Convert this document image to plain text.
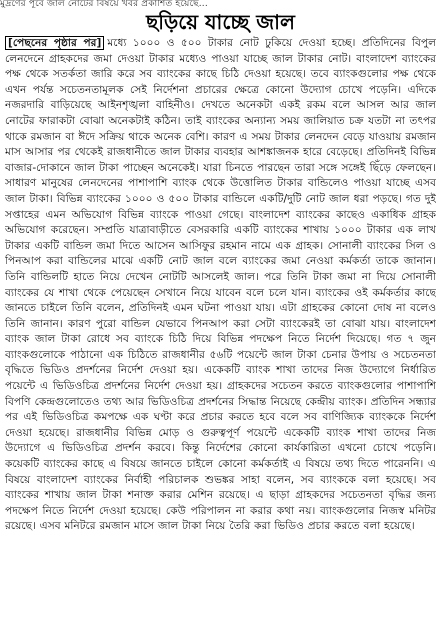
মুদ্রণের পূর্বে জাল নোটের বিষয়ে খবর প্রকাশিত হয়েছে...
ছড়িয়ে যাচ্ছে জাল
[পেছনের পৃষ্ঠার পর] মধ্যে ১০০০ ও ৫০০ টাকার নোট ঢুকিয়ে দেওয়া হচ্ছে। প্রতিদিনের বিপুল লেনদেনে গ্রাহকদের জমা দেওয়া টাকার মধ্যেও পাওয়া যাচ্ছে জাল টাকার নোট। বাংলাদেশ ব্যাংকের পক্ষ থেকে সতর্কতা জারি করে সব ব্যাংকের কাছে চিঠি দেওয়া হয়েছে। তবে ব্যাংকগুলোর পক্ষ থেকে এখন পর্যন্ত সচেতনতামূলক সেই নির্দেশনা প্রচারের ক্ষেত্রে কোনো উদ্যোগ চোখে পড়েনি। এদিকে নজরদারি বাড়িয়েছে আইনশৃঙ্খলা বাহিনীও। দেখতে অনেকটা একই রকম বলে আসল আর জাল নোটের ফারাকটা বোঝা অনেকটাই কঠিন। তাই ব্যাংকের অন্যান্য সময় জালিয়াত চক্র যতটা না তৎপর থাকে রমজান বা ঈদে সক্রিয় থাকে অনেক বেশি। কারণ এ সময় টাকার লেনদেন বেড়ে যাওয়ায় রমজান মাস আসার পর থেকেই রাজধানীতে জাল টাকার ব্যবহার আশঙ্কাজনক হারে বেড়েছে। প্রতিদিনই বিভিন্ন বাজার-দোকানে জাল টাকা পাচ্ছেন অনেকেই। যারা চিনতে পারছেন তারা সঙ্গে সঙ্গেই ছিঁড়ে ফেলছেন। সাধারণ মানুষের লেনদেনের পাশাপাশি ব্যাংক থেকে উত্তোলিত টাকার বান্ডিলেও পাওয়া যাচ্ছে এসব জাল টাকা। বিভিন্ন ব্যাংকের ১০০০ ও ৫০০ টাকার বান্ডিলে একটি/দুটি নোট জাল ধরা পড়ছে। গত দুই সপ্তাহের এমন অভিযোগ বিভিন্ন ব্যাংকে পাওয়া গেছে। বাংলাদেশ ব্যাংকের কাছেও একাধিক গ্রাহক অভিযোগ করেছেন। সম্প্রতি যাত্রাবাড়ীতে বেসরকারি একটি ব্যাংকের শাখায় ১০০০ টাকার এক লাখ টাকার একটি বান্ডিল জমা দিতে আসেন আসিফুর রহমান নামে এক গ্রাহক। সোনালী ব্যাংকের সিল ও পিনআপ করা বান্ডিলের মাঝে একটি নোট জাল বলে ব্যাংকের জমা নেওয়া কর্মকর্তা তাকে জানান। তিনি বান্ডিলটি হাতে নিয়ে দেখেন নোটটি আসলেই জাল। পরে তিনি টাকা জমা না দিয়ে সোনালী ব্যাংকের যে শাখা থেকে পেয়েছেন সেখানে নিয়ে যাবেন বলে চলে যান। ব্যাংকের ওই কর্মকর্তার কাছে জানতে চাইলে তিনি বলেন, প্রতিদিনই এমন ঘটনা পাওয়া যায়। এটা গ্রাহকের কোনো দোষ না বলেও তিনি জানান। কারণ পুরো বান্ডিল যেভাবে পিনআপ করা সেটা ব্যাংকেরই তা বোঝা যায়। বাংলাদেশ ব্যাংক জাল টাকা রোধে সব ব্যাংকে চিঠি দিয়ে বিভিন্ন পদক্ষেপ নিতে নির্দেশ দিয়েছে। গত ৭ জুন ব্যাংকগুলোকে পাঠানো এক চিঠিতে রাজধানীর ৫৬টি পয়েন্টে জাল টাকা চেনার উপায় ও সচেতনতা বৃদ্ধিতে ভিডিও প্রদর্শনের নির্দেশ দেওয়া হয়। একেকটি ব্যাংক শাখা তাদের নিজ উদ্যোগে নির্ধারিত পয়েন্টে এ ভিডিওচিত্র প্রদর্শনের নির্দেশ দেওয়া হয়। গ্রাহকদের সচেতন করতে ব্যাংকগুলোর পাশাপাশি বিপণি কেন্দ্রগুলোতেও তথ্য আর ভিডিওচিত্র প্রদর্শনের সিদ্ধান্ত নিয়েছে কেন্দ্রীয় ব্যাংক। প্রতিদিন সন্ধ্যার পর এই ভিডিওচিত্র কমপক্ষে এক ঘণ্টা করে প্রচার করতে হবে বলে সব বাণিজ্যিক ব্যাংককে নির্দেশ দেওয়া হয়েছে। রাজধানীর বিভিন্ন মোড় ও গুরুত্বপূর্ণ পয়েন্টে একেকটি ব্যাংক শাখা তাদের নিজ উদ্যোগে এ ভিডিওচিত্র প্রদর্শন করবে। কিন্তু নির্দেশের কোনো কার্যকারিতা এখনো চোখে পড়েনি। কয়েকটি ব্যাংকের কাছে এ বিষয়ে জানতে চাইলে কোনো কর্মকর্তাই এ বিষয়ে তথ্য দিতে পারেননি। এ বিষয়ে বাংলাদেশ ব্যাংকের নির্বাহী পরিচালক শুভঙ্কর সাহা বলেন, সব ব্যাংককে বলা হয়েছে। সব ব্যাংকের শাখায় জাল টাকা শনাক্ত করার মেশিন রয়েছে। এ ছাড়া গ্রাহকদের সচেতনতা বৃদ্ধির জন্য পদক্ষেপ নিতে নির্দেশ দেওয়া হয়েছে। কেউ পরিপালন না করার কথা নয়। ব্যাংকগুলোর নিজস্ব মনিটর রয়েছে। এসব মনিটরে রমজান মাসে জাল টাকা নিয়ে তৈরি করা ভিডিও প্রচার করতে বলা হয়েছে।
